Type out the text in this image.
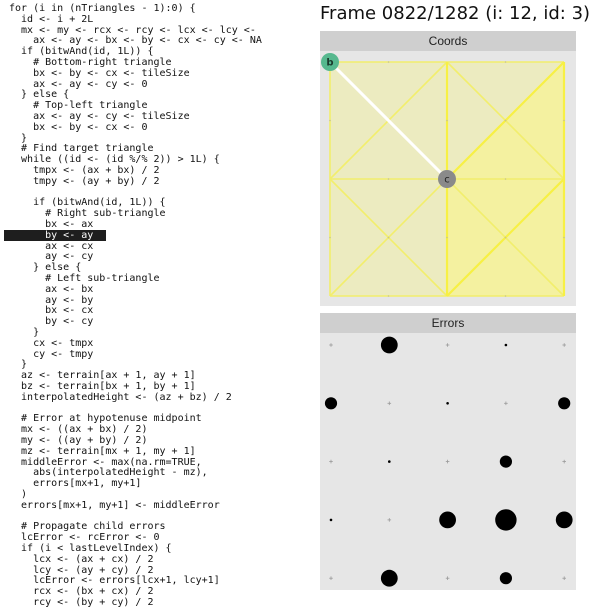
for (i in (nTriangles - 1):0) {
id <- i + 2L
mx <- my <- rcx <- rcy <- lcx <- lcy <-
ax <- ay <- bx <- by <- cx <- cy <- NA
if (bitwAnd(id, 1L)) {
# Bottom-right triangle
bx <- by <- cx <- tileSize
ax <- ay <- cy <- 0
} else {
# Top-left triangle
ax <- ay <- cy <- tileSize
bx <- by <- cx <- 0
}
# Find target triangle
while ((id <- (id %/% 2)) > 1L) {
tmpx <- (ax + bx) / 2
tmpy <- (ay + by) / 2
if (bitwAnd(id, 1L)) {
# Right sub-triangle
bx <- ax
by <- ay
ax <- cx
ay <- cy
} else {
# Left sub-triangle
ax <- bx
ay <- by
bx <- cx
by <- cy
}
cx <- tmpx
cy <- tmpy
}
az <- terrain[ax + 1, ay + 1]
bz <- terrain[bx + 1, by + 1]
interpolatedHeight <- (az + bz) / 2
# Error at hypotenuse midpoint
mx <- ((ax + bx) / 2)
my <- ((ay + by) / 2)
mz <- terrain[mx + 1, my + 1]
middleError <- max(na.rm=TRUE,
abs(interpolatedHeight - mz),
errors[mx+1, my+1]
)
errors[mx+1, my+1] <- middleError
# Propagate child errors
lcError <- rcError <- 0
if (i < lastLevelIndex) {
lcx <- (ax + cx) / 2
lcy <- (ay + cy) / 2
lcError <- errors[lcx+1, lcy+1]
rcx <- (bx + cx) / 2
rcy <- (by + cy) / 2
Frame 0822/1282 (i: 12, id: 3)
Coords
b
c
Errors
